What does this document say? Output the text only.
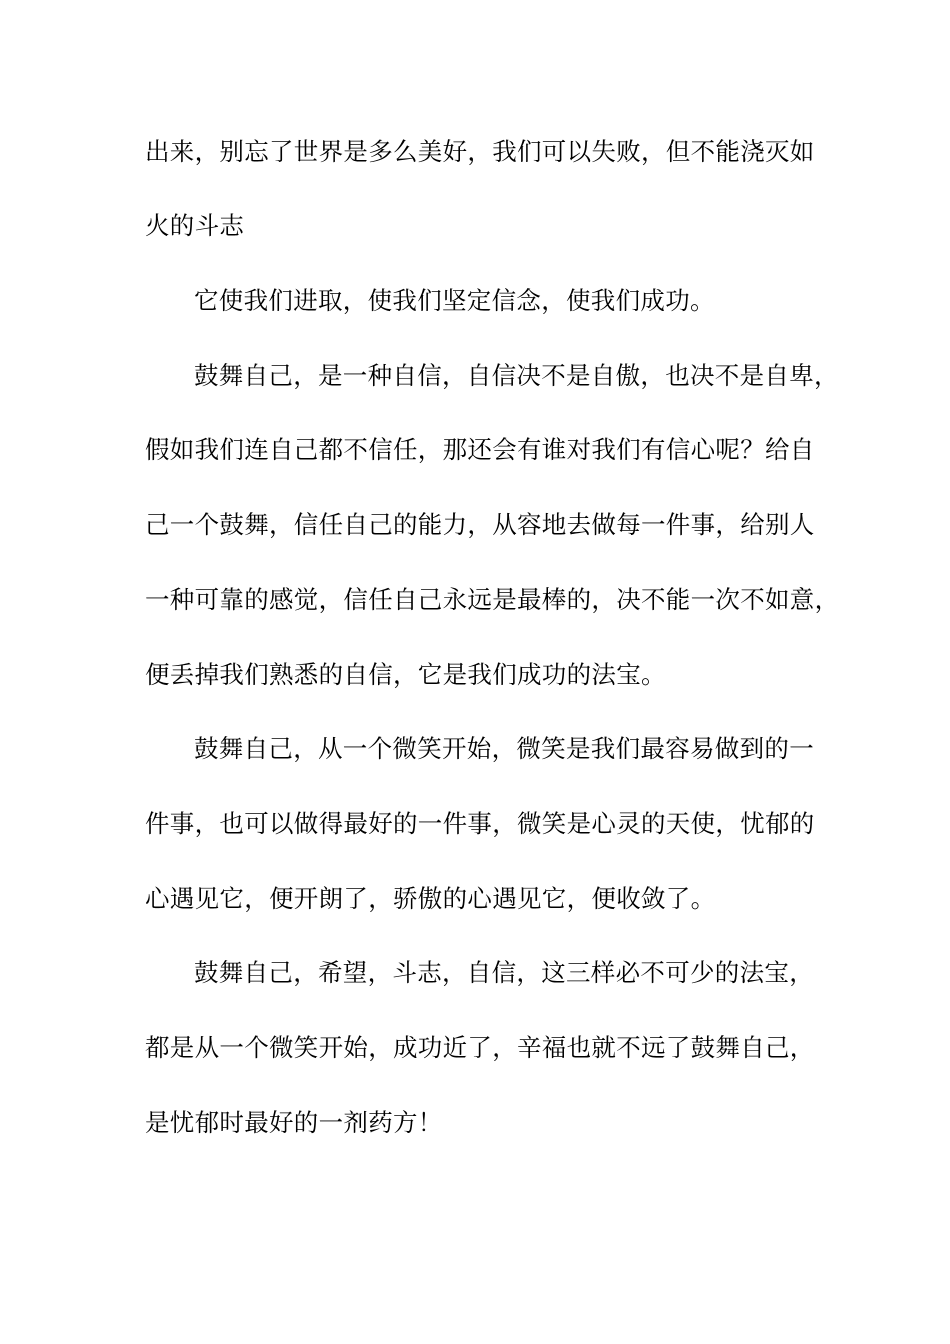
出来，别忘了世界是多么美好，我们可以失败，但不能浇灭如
火的斗志
它使我们进取，使我们坚定信念，使我们成功。
鼓舞自己，是一种自信，自信决不是自傲，也决不是自卑，
假如我们连自己都不信任，那还会有谁对我们有信心呢？给自
己一个鼓舞，信任自己的能力，从容地去做每一件事，给别人
一种可靠的感觉，信任自己永远是最棒的，决不能一次不如意，
便丢掉我们熟悉的自信，它是我们成功的法宝。
鼓舞自己，从一个微笑开始，微笑是我们最容易做到的一
件事，也可以做得最好的一件事，微笑是心灵的天使，忧郁的
心遇见它，便开朗了，骄傲的心遇见它，便收敛了。
鼓舞自己，希望，斗志，自信，这三样必不可少的法宝，
都是从一个微笑开始，成功近了，辛福也就不远了鼓舞自己，
是忧郁时最好的一剂药方！
